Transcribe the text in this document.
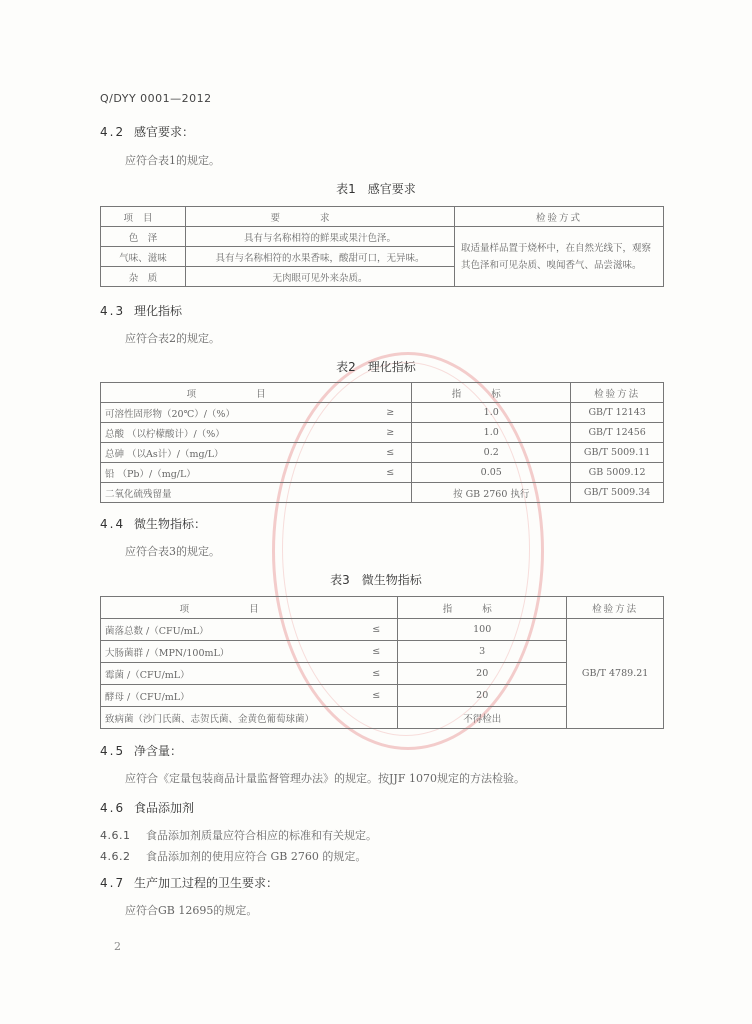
Q/DYY 0001—2012
4.2 感官要求：
应符合表1的规定。
表1　感官要求
项目	要求	检验方式
色　泽	具有与名称相符的鲜果或果汁色泽。	取适量样品置于烧杯中，在自然光线下，观察其色泽和可见杂质、嗅闻香气、品尝滋味。
气味、滋味	具有与名称相符的水果香味，酸甜可口，无异味。	
杂　质	无肉眼可见外来杂质。	
4.3 理化指标
应符合表2的规定。
表2　理化指标
项目		指标	检验方法
可溶性固形物（20℃）/（%）	≥	1.0	GB/T 12143
总酸 （以柠檬酸计）/（%）	≥	1.0	GB/T 12456
总砷 （以As计）/（mg/L）	≤	0.2	GB/T 5009.11
铅 （Pb）/（mg/L）	≤	0.05	GB 5009.12
二氧化硫残留量		按 GB 2760 执行	GB/T 5009.34
4.4 微生物指标：
应符合表3的规定。
表3　微生物指标
项目		指标	检验方法
菌落总数 /（CFU/mL）	≤	100	GB/T 4789.21
大肠菌群 /（MPN/100mL）	≤	3	
霉菌 /（CFU/mL）	≤	20	
酵母 /（CFU/mL）	≤	20	
致病菌（沙门氏菌、志贺氏菌、金黄色葡萄球菌）		不得检出	
4.5 净含量：
应符合《定量包装商品计量监督管理办法》的规定。按JJF 1070规定的方法检验。
4.6 食品添加剂
4.6.1 食品添加剂质量应符合相应的标准和有关规定。
4.6.2 食品添加剂的使用应符合 GB 2760 的规定。
4.7 生产加工过程的卫生要求：
应符合GB 12695的规定。
2
